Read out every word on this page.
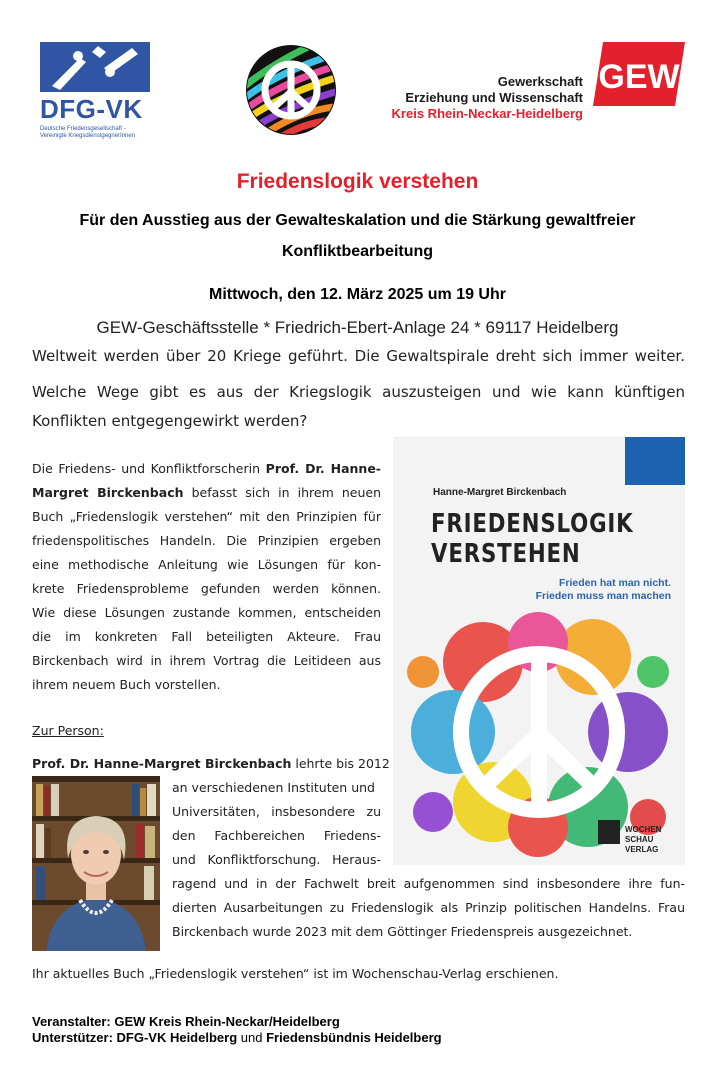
DFG-VK
Deutsche Friedensgesellschaft -
Vereinigte KriegsdienstgegnerInnen
Gewerkschaft
Erziehung und Wissenschaft
Kreis Rhein-Neckar-Heidelberg
GEW
Friedenslogik verstehen
Für den Ausstieg aus der Gewalteskalation und die Stärkung gewaltfreier
Konfliktbearbeitung
Mittwoch, den 12. März 2025 um 19 Uhr
GEW-Geschäftsstelle * Friedrich-Ebert-Anlage 24 * 69117 Heidelberg
Weltweit werden über 20 Kriege geführt. Die Gewaltspirale dreht sich immer weiter.
Welche Wege gibt es aus der Kriegslogik auszusteigen und wie kann künftigen
Konflikten entgegengewirkt werden?
Die Friedens- und Konfliktforscherin Prof. Dr. Hanne-
Margret Birckenbach befasst sich in ihrem neuen
Buch „Friedenslogik verstehen“ mit den Prinzipien für
friedenspolitisches Handeln. Die Prinzipien ergeben
eine methodische Anleitung wie Lösungen für kon-
krete Friedensprobleme gefunden werden können.
Wie diese Lösungen zustande kommen, entscheiden
die im konkreten Fall beteiligten Akteure. Frau
Birckenbach wird in ihrem Vortrag die Leitideen aus
ihrem neuem Buch vorstellen.
Zur Person:
Prof. Dr. Hanne-Margret Birckenbach lehrte bis 2012
an verschiedenen Instituten und
Universitäten, insbesondere zu
den Fachbereichen Friedens-
und Konfliktforschung. Heraus-
ragend und in der Fachwelt breit aufgenommen sind insbesondere ihre fun-
dierten Ausarbeitungen zu Friedenslogik als Prinzip politischen Handelns. Frau
Birckenbach wurde 2023 mit dem Göttinger Friedenspreis ausgezeichnet.
Ihr aktuelles Buch „Friedenslogik verstehen“ ist im Wochenschau-Verlag erschienen.
Hanne-Margret Birckenbach
FRIEDENSLOGIK
VERSTEHEN
Frieden hat man nicht.
Frieden muss man machen
WOCHEN
SCHAU
VERLAG
Veranstalter: GEW Kreis Rhein-Neckar/Heidelberg
Unterstützer: DFG-VK Heidelberg und Friedensbündnis Heidelberg
